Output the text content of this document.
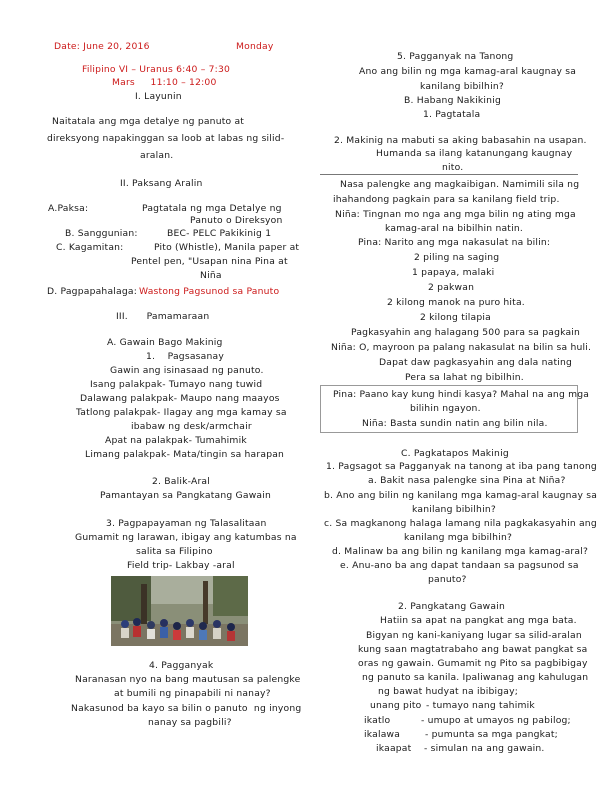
Date: June 20, 2016	Monday
Filipino VI – Uranus 6:40 – 7:30
Mars     11:10 – 12:00
I. Layunin
Naitatala ang mga detalye ng panuto at
direksyong napakinggan sa loob at labas ng silid-
aralan.
II. Paksang Aralin
A.Paksa:	Pagtatala ng mga Detalye ng
Panuto o Direksyon
B. Sanggunian:	BEC- PELC Pakikinig 1
C. Kagamitan:	Pito (Whistle), Manila paper at
Pentel pen, "Usapan nina Pina at
Niña
D. Pagpapahalaga: Wastong Pagsunod sa Panuto
III.      Pamamaraan
A. Gawain Bago Makinig
1.    Pagsasanay
Gawin ang isinasaad ng panuto.
Isang palakpak- Tumayo nang tuwid
Dalawang palakpak- Maupo nang maayos
Tatlong palakpak- Ilagay ang mga kamay sa
ibabaw ng desk/armchair
Apat na palakpak- Tumahimik
Limang palakpak- Mata/tingin sa harapan
2. Balik-Aral
Pamantayan sa Pangkatang Gawain
3. Pagpapayaman ng Talasalitaan
Gumamit ng larawan, ibigay ang katumbas na
salita sa Filipino
Field trip- Lakbay -aral
4. Pagganyak
Naranasan nyo na bang mautusan sa palengke
at bumili ng pinapabili ni nanay?
Nakasunod ba kayo sa bilin o panuto  ng inyong
nanay sa pagbili?
5. Pagganyak na Tanong
Ano ang bilin ng mga kamag-aral kaugnay sa
kanilang bibilhin?
B. Habang Nakikinig
1. Pagtatala
2. Makinig na mabuti sa aking babasahin na usapan.
Humanda sa ilang katanungang kaugnay
nito.
Nasa palengke ang magkaibigan. Namimili sila ng
ihahandong pagkain para sa kanilang field trip.
Niña: Tingnan mo nga ang mga bilin ng ating mga
kamag-aral na bibilhin natin.
Pina: Narito ang mga nakasulat na bilin:
2 piling na saging
1 papaya, malaki
2 pakwan
2 kilong manok na puro hita.
2 kilong tilapia
Pagkasyahin ang halagang 500 para sa pagkain
Niña: O, mayroon pa palang nakasulat na bilin sa huli.
Dapat daw pagkasyahin ang dala nating
Pera sa lahat ng bibilhin.
Pina: Paano kay kung hindi kasya? Mahal na ang mga
bilihin ngayon.
Niña: Basta sundin natin ang bilin nila.
C. Pagkatapos Makinig
1. Pagsagot sa Pagganyak na tanong at iba pang tanong
a. Bakit nasa palengke sina Pina at Niña?
b. Ano ang bilin ng kanilang mga kamag-aral kaugnay sa
kanilang bibilhin?
c. Sa magkanong halaga lamang nila pagkakasyahin ang
kanilang mga bibilhin?
d. Malinaw ba ang bilin ng kanilang mga kamag-aral?
e. Anu-ano ba ang dapat tandaan sa pagsunod sa
panuto?
2. Pangkatang Gawain
Hatiin sa apat na pangkat ang mga bata.
Bigyan ng kani-kaniyang lugar sa silid-aralan
kung saan magtatrabaho ang bawat pangkat sa
oras ng gawain. Gumamit ng Pito sa pagbibigay
ng panuto sa kanila. Ipaliwanag ang kahulugan
ng bawat hudyat na ibibigay;
unang pito - tumayo nang tahimik
ikatlo	- umupo at umayos ng pabilog;
ikalawa	- pumunta sa mga pangkat;
ikaapat - simulan na ang gawain.
